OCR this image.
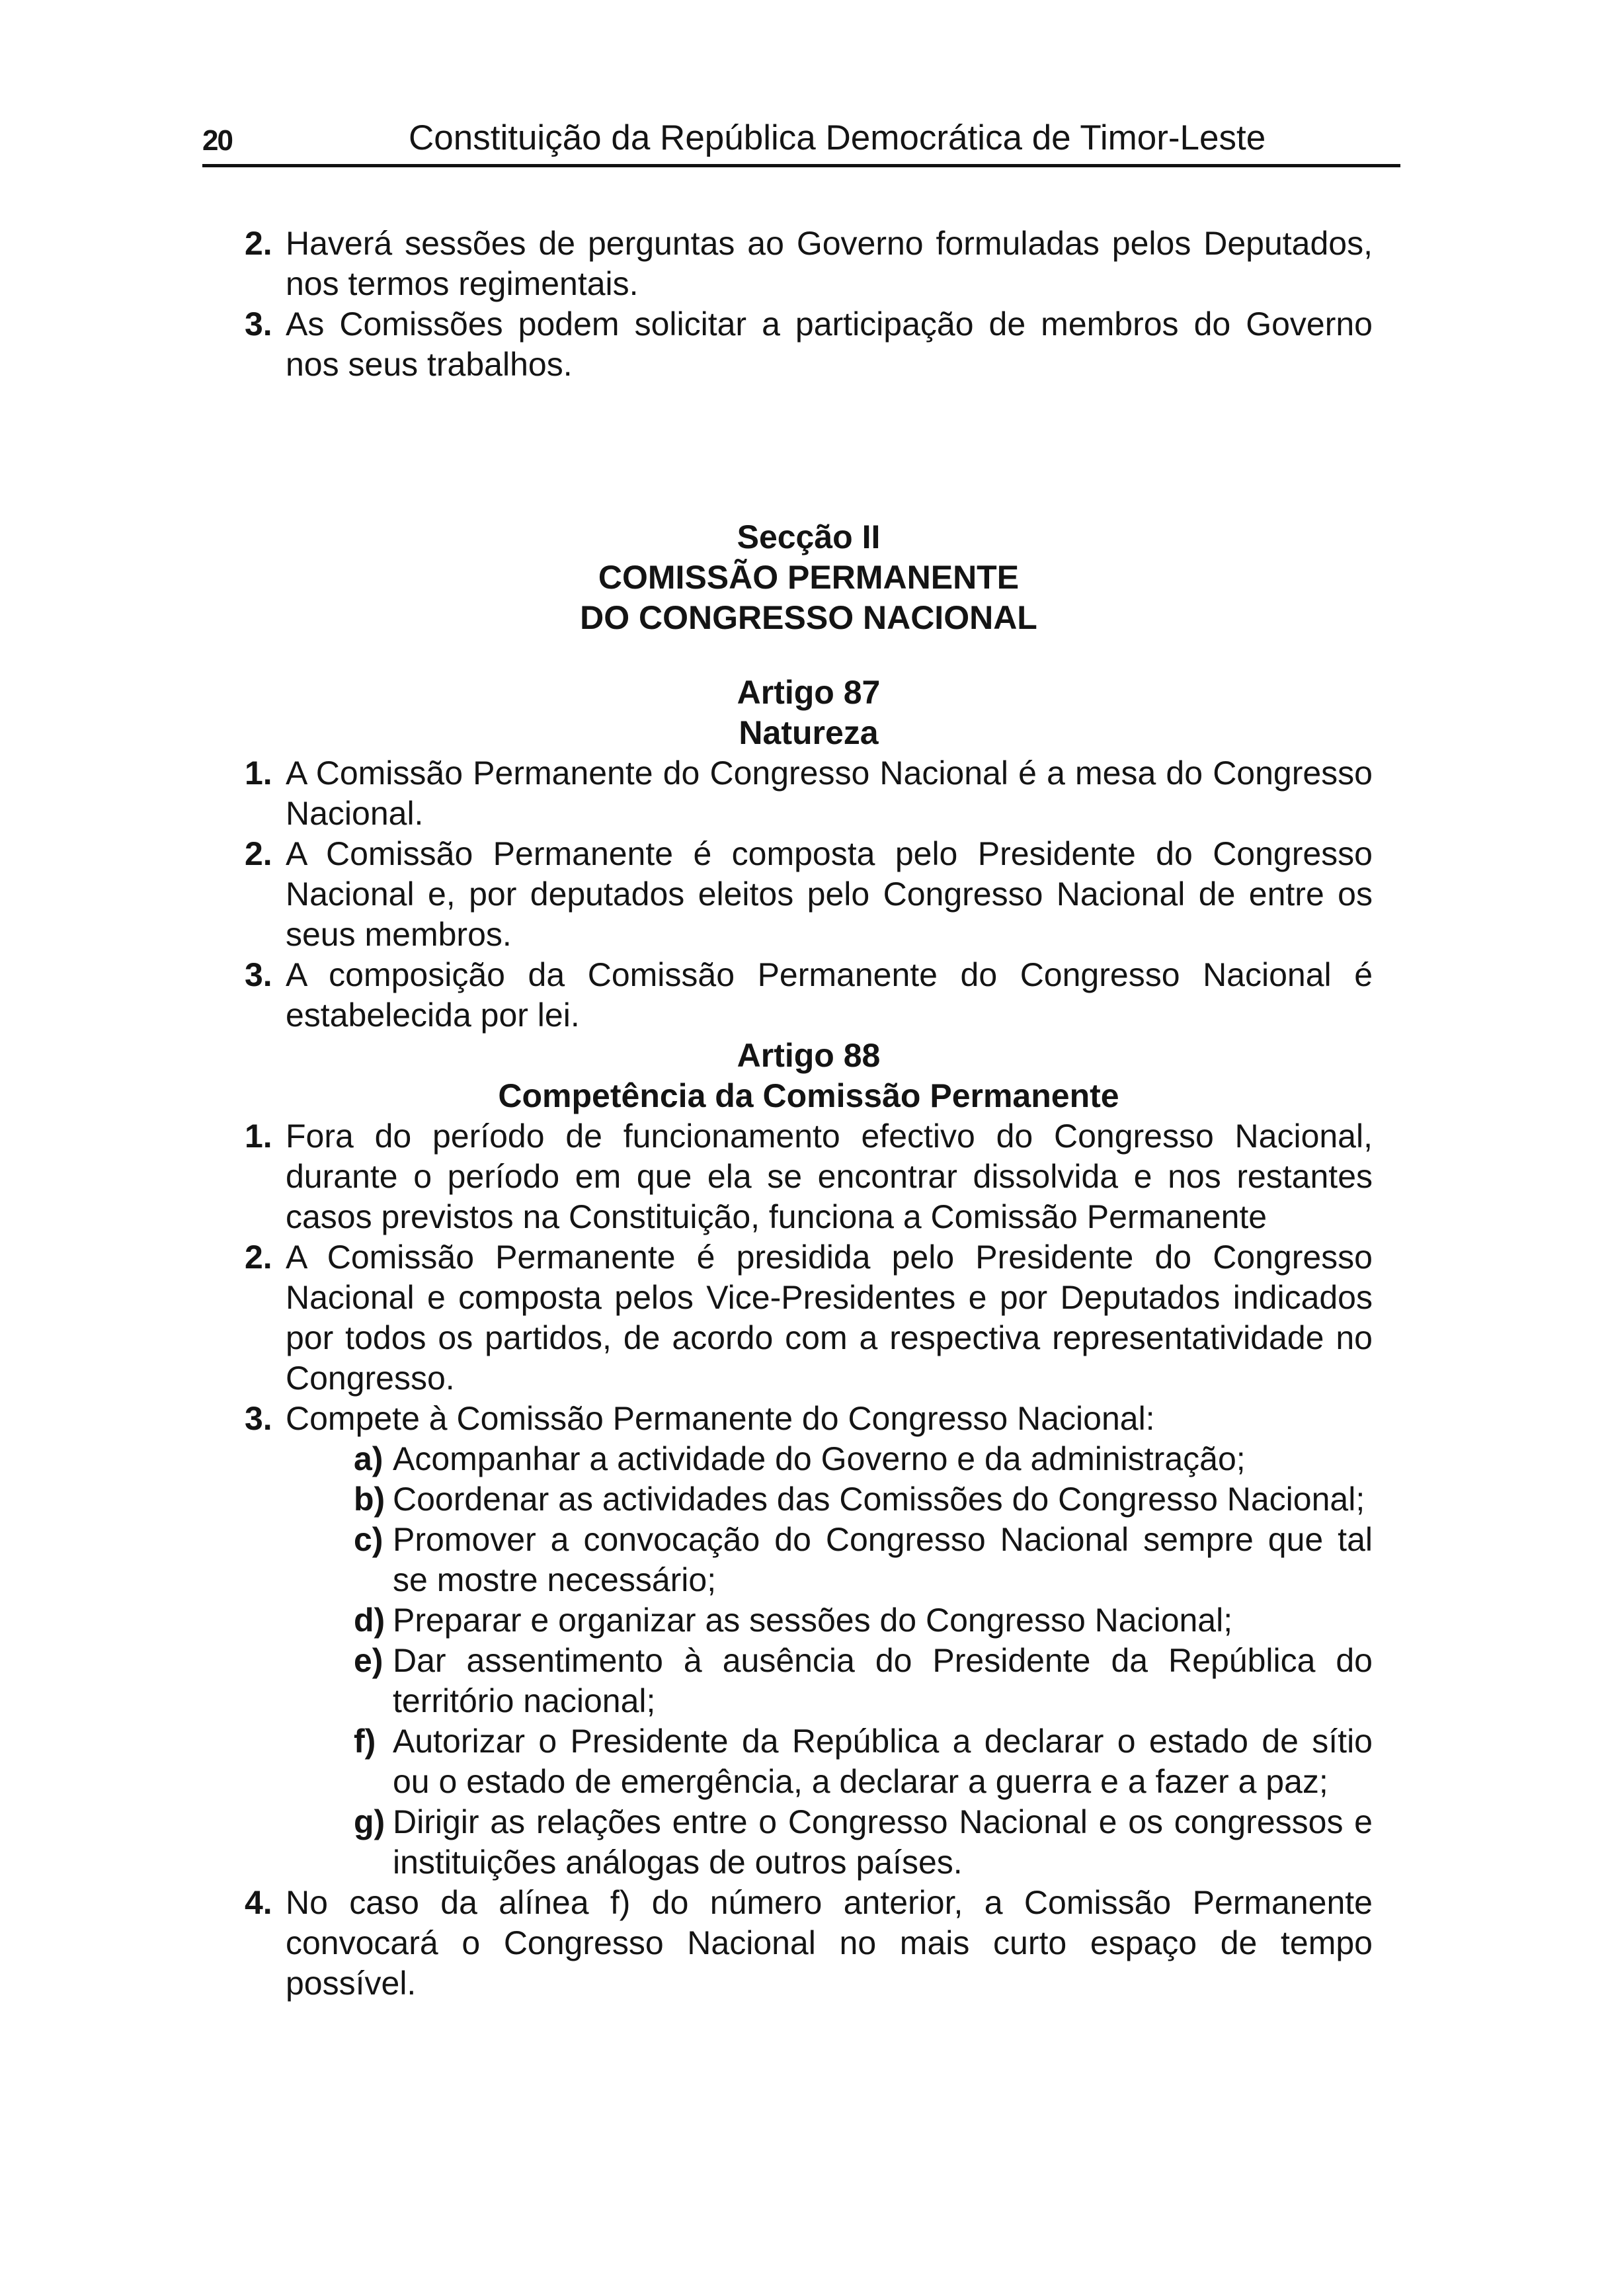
20	Constituição da República Democrática de Timor-Leste
2. Haverá sessões de perguntas ao Governo formuladas pelos Deputados, nos termos regimentais.
3. As Comissões podem solicitar a participação de membros do Governo nos seus trabalhos.
Secção II
COMISSÃO PERMANENTE
DO CONGRESSO NACIONAL
Artigo 87
Natureza
1. A Comissão Permanente do Congresso Nacional é a mesa do Congresso Nacional.
2. A Comissão Permanente é composta pelo Presidente do Congresso Nacional e, por deputados eleitos pelo Congresso Nacional de entre os seus membros.
3. A composição da Comissão Permanente do Congresso Nacional é estabelecida por lei.
Artigo 88
Competência da Comissão Permanente
1. Fora do período de funcionamento efectivo do Congresso Nacional, durante o período em que ela se encontrar dissolvida e nos restantes casos previstos na Constituição, funciona a Comissão Permanente
2. A Comissão Permanente é presidida pelo Presidente do Congresso Nacional e composta pelos Vice-Presidentes e por Deputados indicados por todos os partidos, de acordo com a respectiva representatividade no Congresso.
3. Compete à Comissão Permanente do Congresso Nacional:
a) Acompanhar a actividade do Governo e da administração;
b) Coordenar as actividades das Comissões do Congresso Nacional;
c) Promover a convocação do Congresso Nacional sempre que tal se mostre necessário;
d) Preparar e organizar as sessões do Congresso Nacional;
e) Dar assentimento à ausência do Presidente da República do território nacional;
f) Autorizar o Presidente da República a declarar o estado de sítio ou o estado de emergência, a declarar a guerra e a fazer a paz;
g) Dirigir as relações entre o Congresso Nacional e os congressos e instituições análogas de outros países.
4. No caso da alínea f) do número anterior, a Comissão Permanente convocará o Congresso Nacional no mais curto espaço de tempo possível.
